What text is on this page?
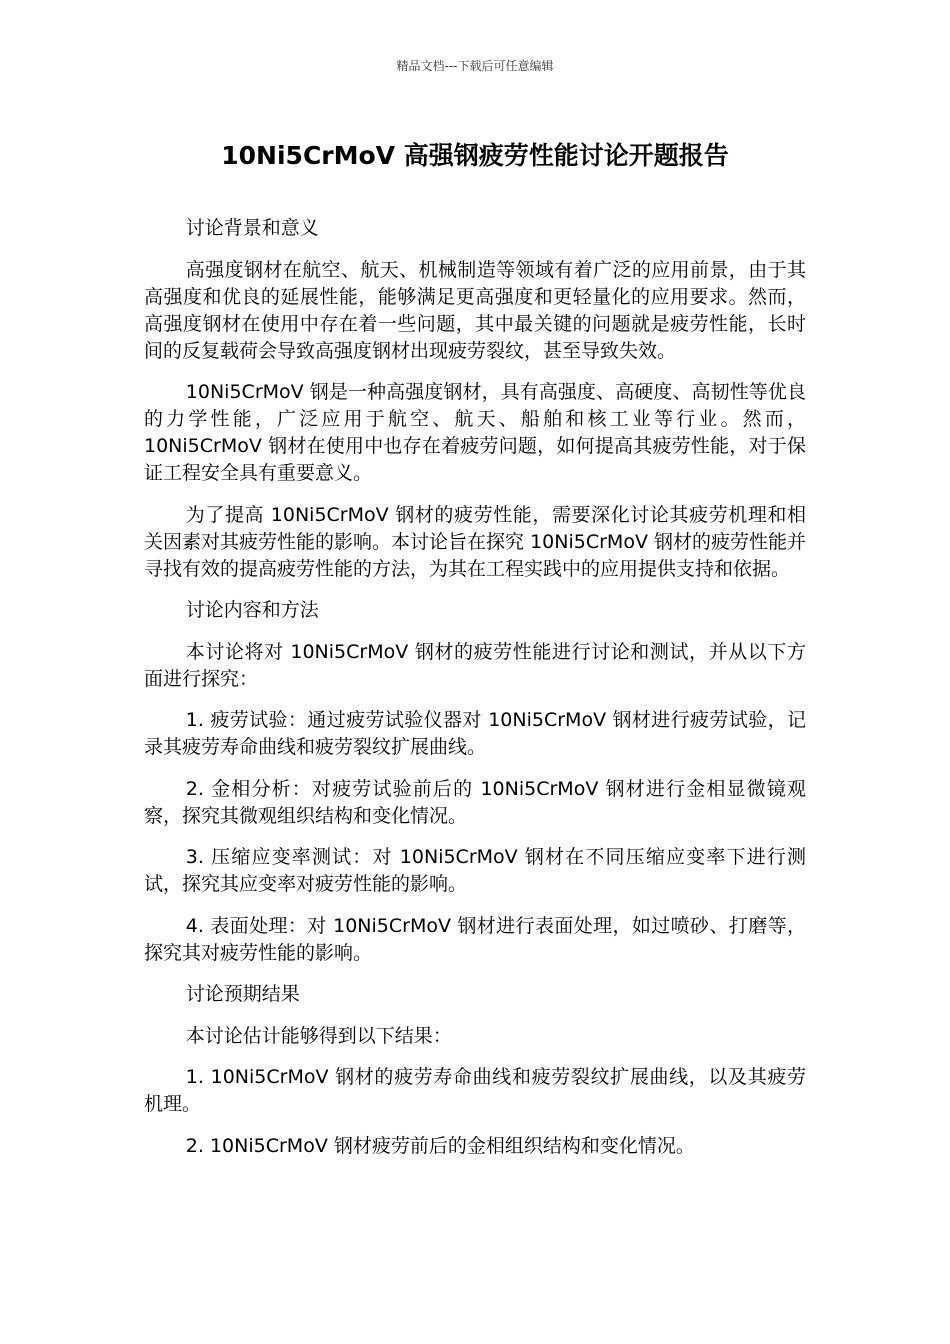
精品文档---下载后可任意编辑
10Ni5CrMoV 高强钢疲劳性能讨论开题报告

讨论背景和意义

高强度钢材在航空、航天、机械制造等领域有着广泛的应用前景，由于其高强度和优良的延展性能，能够满足更高强度和更轻量化的应用要求。然而，高强度钢材在使用中存在着一些问题，其中最关键的问题就是疲劳性能，长时间的反复载荷会导致高强度钢材出现疲劳裂纹，甚至导致失效。

10Ni5CrMoV 钢是一种高强度钢材，具有高强度、高硬度、高韧性等优良的力学性能，广泛应用于航空、航天、船舶和核工业等行业。然而，10Ni5CrMoV 钢材在使用中也存在着疲劳问题，如何提高其疲劳性能，对于保证工程安全具有重要意义。

为了提高 10Ni5CrMoV 钢材的疲劳性能，需要深化讨论其疲劳机理和相关因素对其疲劳性能的影响。本讨论旨在探究 10Ni5CrMoV 钢材的疲劳性能并寻找有效的提高疲劳性能的方法，为其在工程实践中的应用提供支持和依据。

讨论内容和方法

本讨论将对 10Ni5CrMoV 钢材的疲劳性能进行讨论和测试，并从以下方面进行探究：

1. 疲劳试验：通过疲劳试验仪器对 10Ni5CrMoV 钢材进行疲劳试验，记录其疲劳寿命曲线和疲劳裂纹扩展曲线。

2. 金相分析：对疲劳试验前后的 10Ni5CrMoV 钢材进行金相显微镜观察，探究其微观组织结构和变化情况。

3. 压缩应变率测试：对 10Ni5CrMoV 钢材在不同压缩应变率下进行测试，探究其应变率对疲劳性能的影响。

4. 表面处理：对 10Ni5CrMoV 钢材进行表面处理，如过喷砂、打磨等，探究其对疲劳性能的影响。

讨论预期结果

本讨论估计能够得到以下结果：

1. 10Ni5CrMoV 钢材的疲劳寿命曲线和疲劳裂纹扩展曲线，以及其疲劳机理。

2. 10Ni5CrMoV 钢材疲劳前后的金相组织结构和变化情况。
